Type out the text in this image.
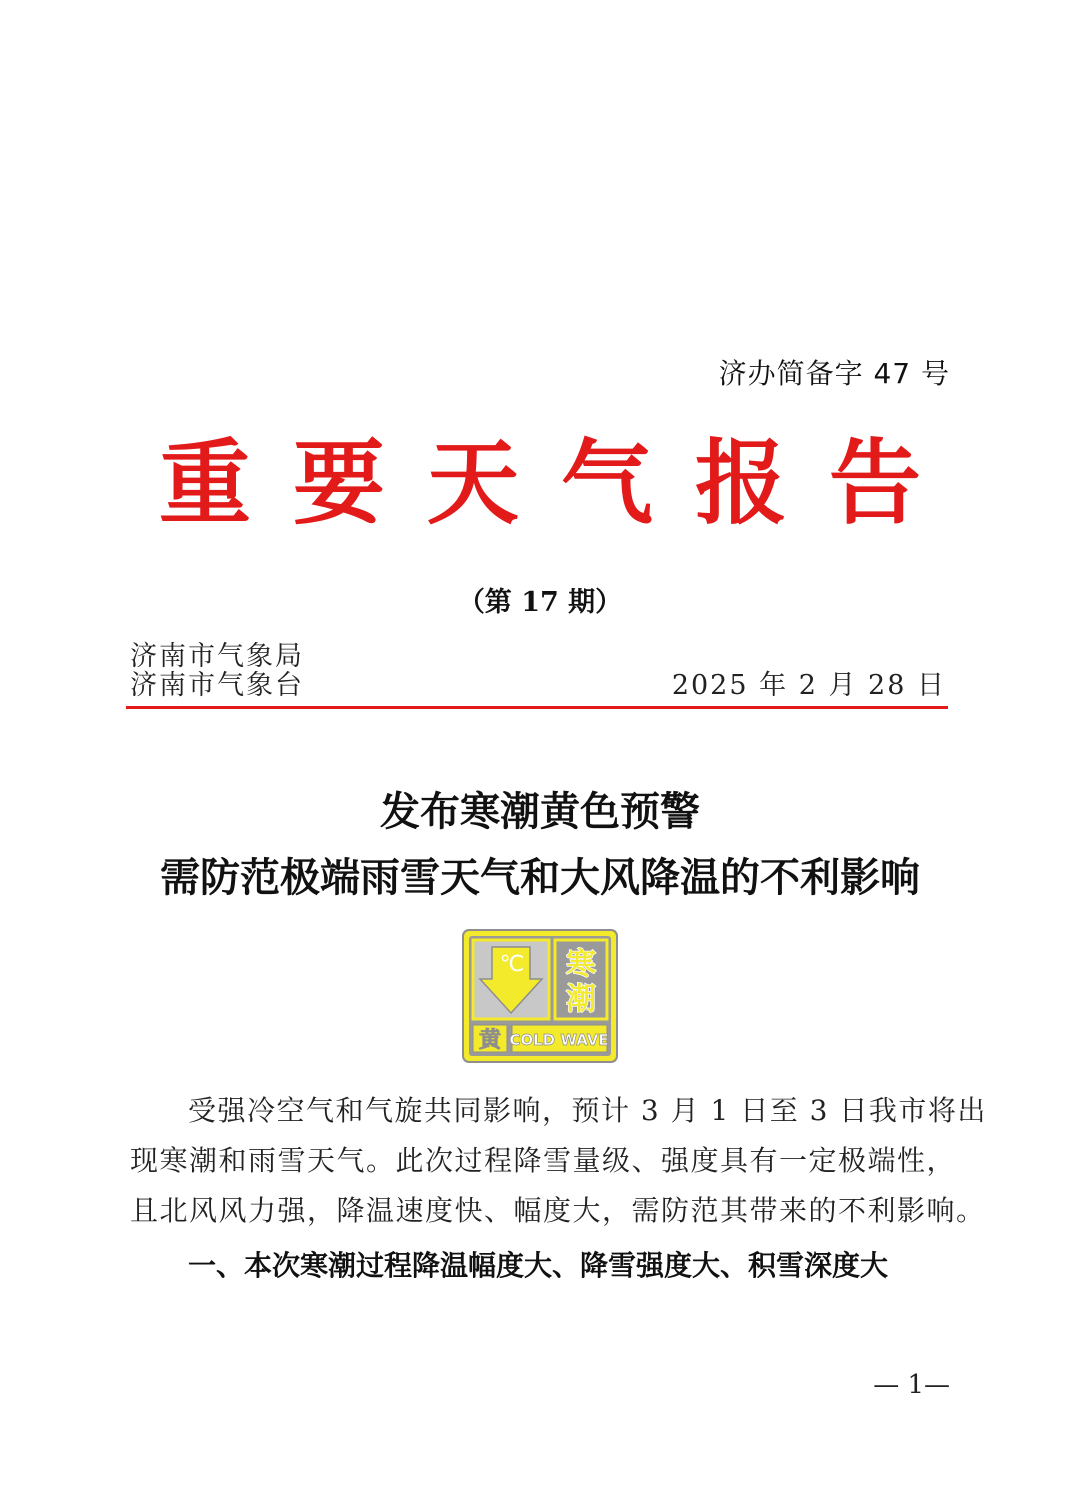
济办简备字 47 号
重要天气报告
（第 17 期）
济南市气象局
济南市气象台	2025 年 2 月 28 日
发布寒潮黄色预警
需防范极端雨雪天气和大风降温的不利影响
℃ 寒
潮
黄 COLD WAVE
受强冷空气和气旋共同影响，预计 3 月 1 日至 3 日我市将出
现寒潮和雨雪天气。此次过程降雪量级、强度具有一定极端性，
且北风风力强，降温速度快、幅度大，需防范其带来的不利影响。
一、本次寒潮过程降温幅度大、降雪强度大、积雪深度大
— 1—
